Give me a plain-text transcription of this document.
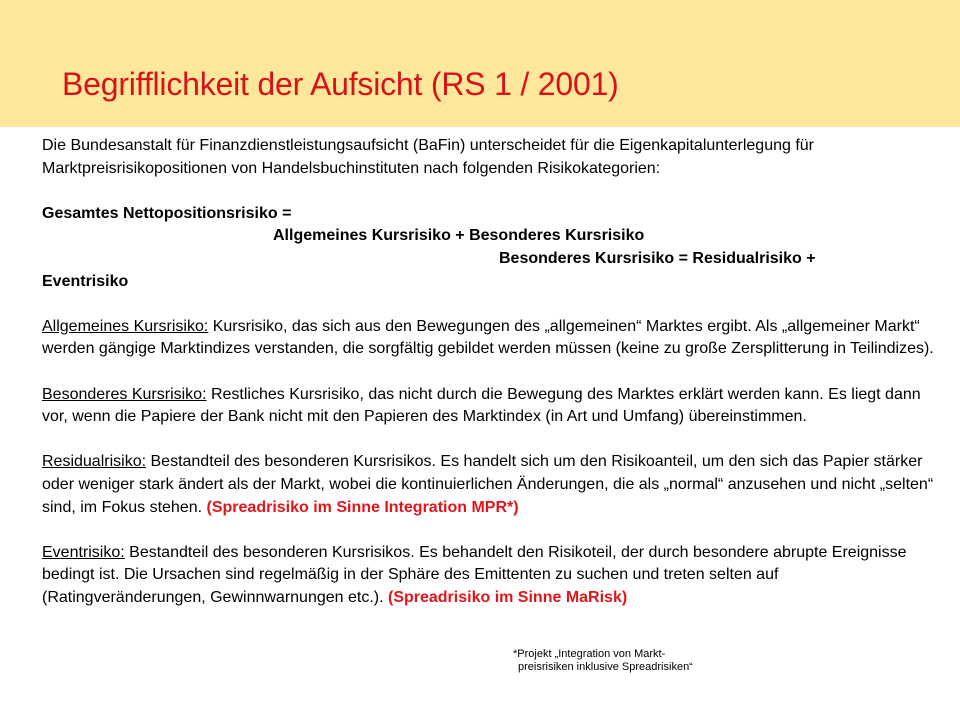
Begrifflichkeit der Aufsicht (RS 1 / 2001)

Die Bundesanstalt für Finanzdienstleistungsaufsicht (BaFin) unterscheidet für die Eigenkapitalunterlegung für Marktpreisrisikopositionen von Handelsbuchinstituten nach folgenden Risikokategorien:

Gesamtes Nettopositionsrisiko =

Allgemeines Kursrisiko + Besonderes Kursrisiko

Besonderes Kursrisiko = Residualrisiko +

Eventrisiko

Allgemeines Kursrisiko: Kursrisiko, das sich aus den Bewegungen des „allgemeinen“ Marktes ergibt. Als „allgemeiner Markt“ werden gängige Marktindizes verstanden, die sorgfältig gebildet werden müssen (keine zu große Zersplitterung in Teilindizes).

Besonderes Kursrisiko: Restliches Kursrisiko, das nicht durch die Bewegung des Marktes erklärt werden kann. Es liegt dann vor, wenn die Papiere der Bank nicht mit den Papieren des Marktindex (in Art und Umfang) übereinstimmen.

Residualrisiko: Bestandteil des besonderen Kursrisikos. Es handelt sich um den Risikoanteil, um den sich das Papier stärker oder weniger stark ändert als der Markt, wobei die kontinuierlichen Änderungen, die als „normal“ anzusehen und nicht „selten“ sind, im Fokus stehen. (Spreadrisiko im Sinne Integration MPR*)

Eventrisiko: Bestandteil des besonderen Kursrisikos. Es behandelt den Risikoteil, der durch besondere abrupte Ereignisse bedingt ist. Die Ursachen sind regelmäßig in der Sphäre des Emittenten zu suchen und treten selten auf (Ratingveränderungen, Gewinnwarnungen etc.). (Spreadrisiko im Sinne MaRisk)

*Projekt „Integration von Markt-
preisrisiken inklusive Spreadrisiken“
